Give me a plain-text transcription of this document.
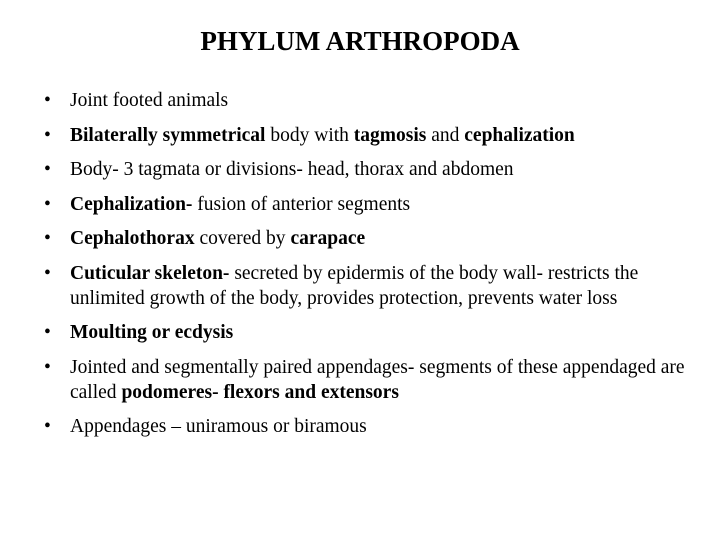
PHYLUM ARTHROPODA
• Joint footed animals
• Bilaterally symmetrical body with tagmosis and cephalization
• Body- 3 tagmata or divisions- head, thorax and abdomen
• Cephalization- fusion of anterior segments
• Cephalothorax covered by carapace
• Cuticular skeleton- secreted by epidermis of the body wall- restricts the unlimited growth of the body, provides protection, prevents water loss
• Moulting or ecdysis
• Jointed and segmentally paired appendages- segments of these appendaged are called podomeres- flexors and extensors
• Appendages – uniramous or biramous
